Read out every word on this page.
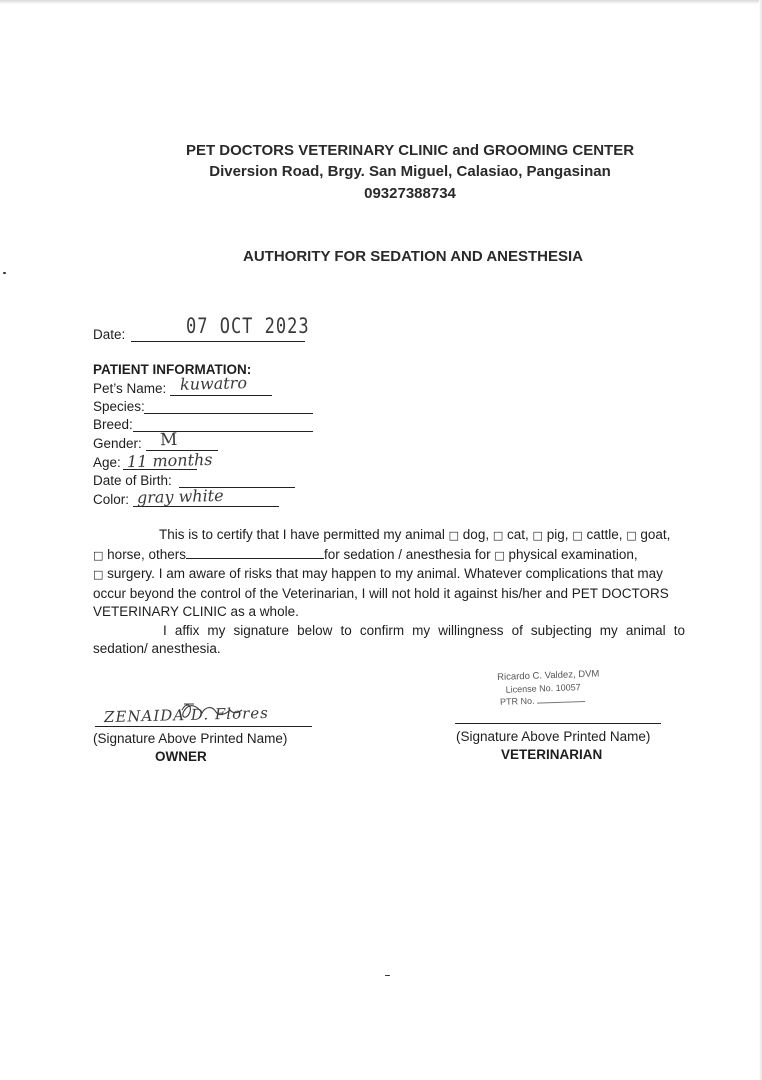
PET DOCTORS VETERINARY CLINIC and GROOMING CENTER
Diversion Road, Brgy. San Miguel, Calasiao, Pangasinan
09327388734
AUTHORITY FOR SEDATION AND ANESTHESIA
Date:	07 OCT 2023
PATIENT INFORMATION:
Pet’s Name: kuwatro
Species:
Breed:
Gender: M
Age: 11 months
Date of Birth:
Color: gray white
This is to certify that I have permitted my animal □ dog, □ cat, □ pig, □ cattle, □ goat,
□ horse, others	for sedation / anesthesia for □ physical examination,
□ surgery. I am aware of risks that may happen to my animal. Whatever complications that may occur beyond the control of the Veterinarian, I will not hold it against his/her and PET DOCTORS VETERINARY CLINIC as a whole.
I affix my signature below to confirm my willingness of subjecting my animal to sedation/ anesthesia.
ZENAIDA D. Flores
(Signature Above Printed Name)
OWNER
Ricardo C. Valdez, DVM
License No. 10057
PTR No.
(Signature Above Printed Name)
VETERINARIAN
